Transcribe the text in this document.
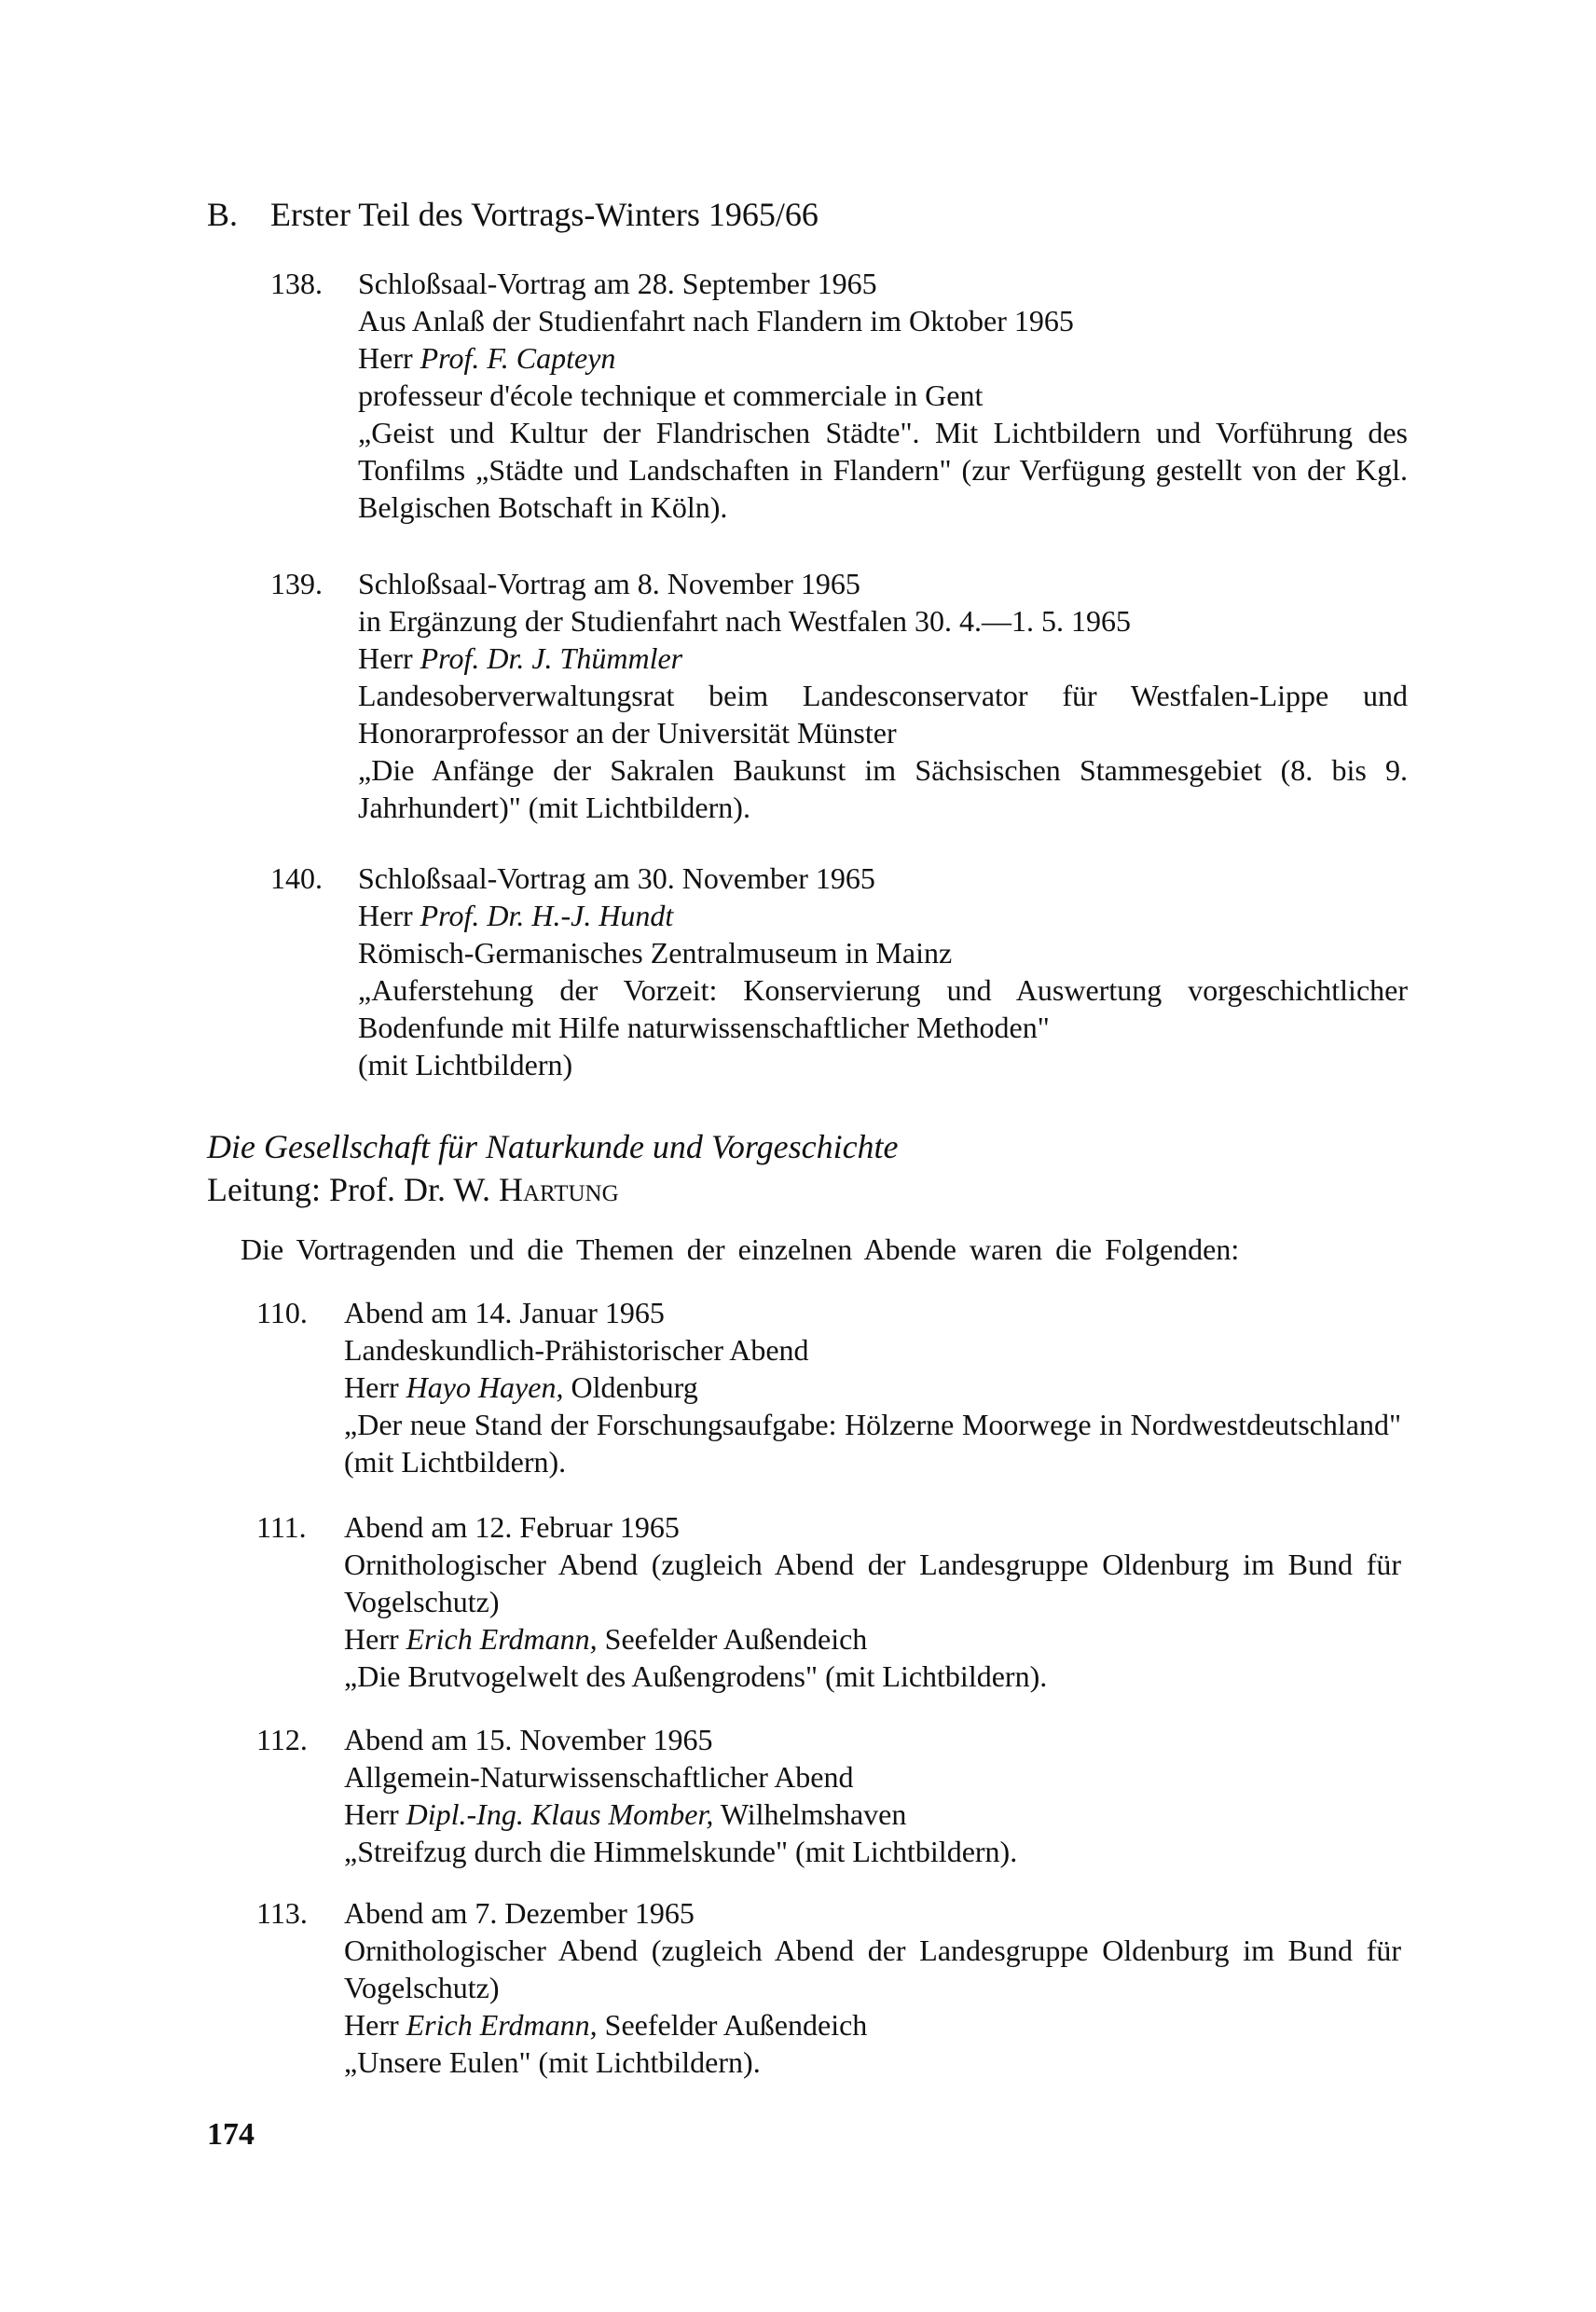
B. Erster Teil des Vortrags-Winters 1965/66
138.	Schloßsaal-Vortrag am 28. September 1965
Aus Anlaß der Studienfahrt nach Flandern im Oktober 1965
Herr Prof. F. Capteyn
professeur d'école technique et commerciale in Gent
„Geist und Kultur der Flandrischen Städte". Mit Lichtbildern und Vorführung des Tonfilms „Städte und Landschaften in Flandern" (zur Verfügung gestellt von der Kgl. Belgischen Botschaft in Köln).
139.	Schloßsaal-Vortrag am 8. November 1965
in Ergänzung der Studienfahrt nach Westfalen 30. 4.—1. 5. 1965
Herr Prof. Dr. J. Thümmler
Landesoberverwaltungsrat beim Landesconservator für Westfalen-Lippe und Honorarprofessor an der Universität Münster
„Die Anfänge der Sakralen Baukunst im Sächsischen Stammesgebiet (8. bis 9. Jahrhundert)" (mit Lichtbildern).
140.	Schloßsaal-Vortrag am 30. November 1965
Herr Prof. Dr. H.-J. Hundt
Römisch-Germanisches Zentralmuseum in Mainz
„Auferstehung der Vorzeit: Konservierung und Auswertung vorgeschichtlicher Bodenfunde mit Hilfe naturwissenschaftlicher Methoden"
(mit Lichtbildern)
Die Gesellschaft für Naturkunde und Vorgeschichte
Leitung: Prof. Dr. W. Hartung
Die Vortragenden und die Themen der einzelnen Abende waren die Folgenden:
110.	Abend am 14. Januar 1965
Landeskundlich-Prähistorischer Abend
Herr Hayo Hayen, Oldenburg
„Der neue Stand der Forschungsaufgabe: Hölzerne Moorwege in Nordwestdeutschland" (mit Lichtbildern).
111.	Abend am 12. Februar 1965
Ornithologischer Abend (zugleich Abend der Landesgruppe Oldenburg im Bund für Vogelschutz)
Herr Erich Erdmann, Seefelder Außendeich
„Die Brutvogelwelt des Außengrodens" (mit Lichtbildern).
112.	Abend am 15. November 1965
Allgemein-Naturwissenschaftlicher Abend
Herr Dipl.-Ing. Klaus Momber, Wilhelmshaven
„Streifzug durch die Himmelskunde" (mit Lichtbildern).
113.	Abend am 7. Dezember 1965
Ornithologischer Abend (zugleich Abend der Landesgruppe Oldenburg im Bund für Vogelschutz)
Herr Erich Erdmann, Seefelder Außendeich
„Unsere Eulen" (mit Lichtbildern).
174
